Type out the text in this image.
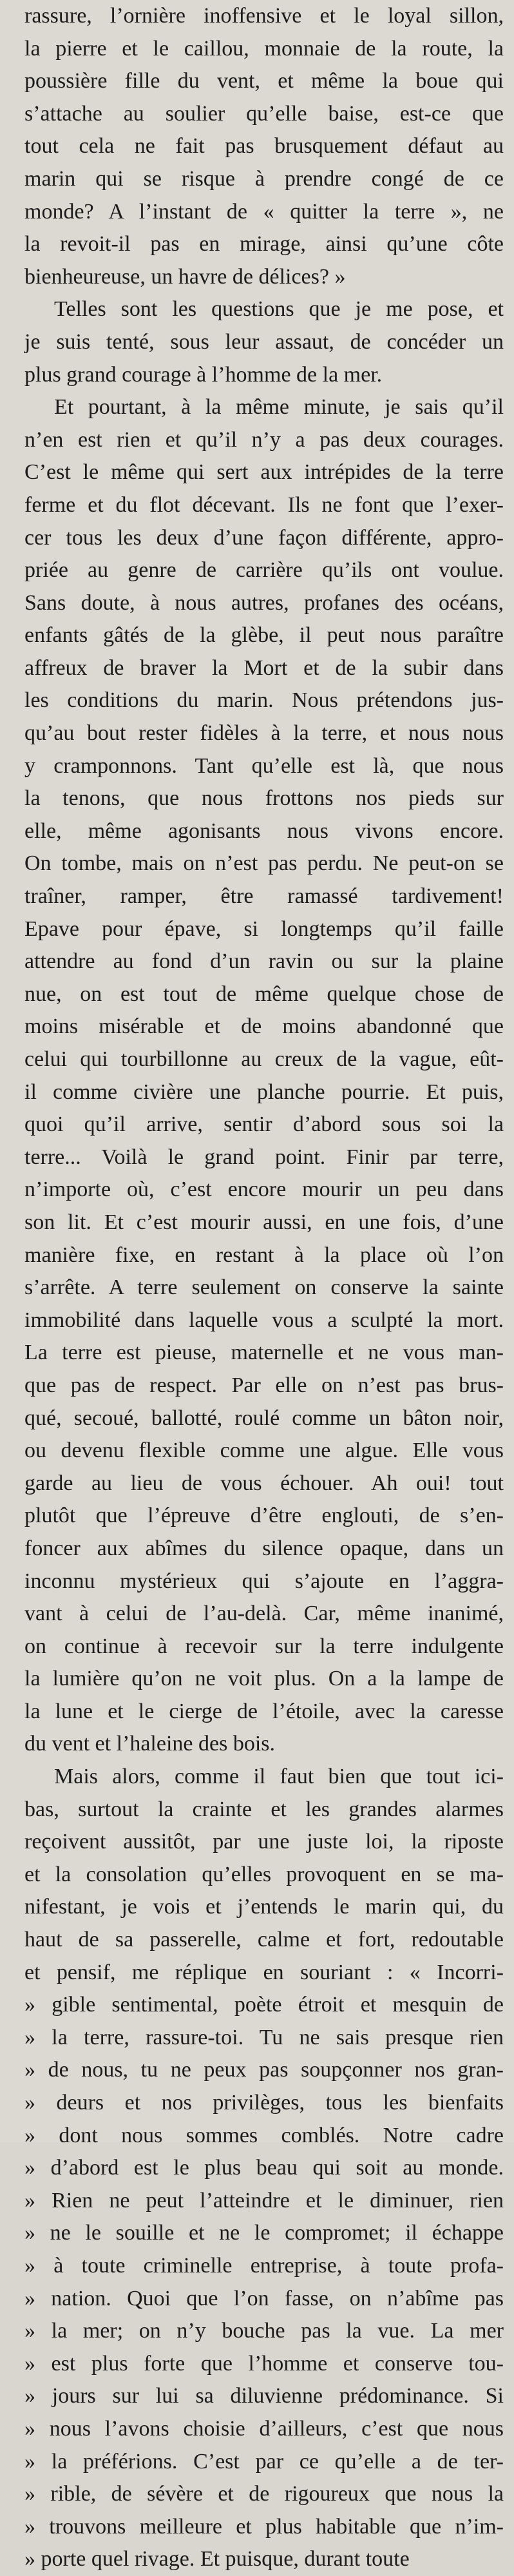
rassure, l’ornière inoffensive et le loyal sillon,
la pierre et le caillou, monnaie de la route, la
poussière fille du vent, et même la boue qui
s’attache au soulier qu’elle baise, est-ce que
tout cela ne fait pas brusquement défaut au
marin qui se risque à prendre congé de ce
monde? A l’instant de « quitter la terre », ne
la revoit-il pas en mirage, ainsi qu’une côte
bienheureuse, un havre de délices? »
Telles sont les questions que je me pose, et
je suis tenté, sous leur assaut, de concéder un
plus grand courage à l’homme de la mer.
Et pourtant, à la même minute, je sais qu’il
n’en est rien et qu’il n’y a pas deux courages.
C’est le même qui sert aux intrépides de la terre
ferme et du flot décevant. Ils ne font que l’exer-
cer tous les deux d’une façon différente, appro-
priée au genre de carrière qu’ils ont voulue.
Sans doute, à nous autres, profanes des océans,
enfants gâtés de la glèbe, il peut nous paraître
affreux de braver la Mort et de la subir dans
les conditions du marin. Nous prétendons jus-
qu’au bout rester fidèles à la terre, et nous nous
y cramponnons. Tant qu’elle est là, que nous
la tenons, que nous frottons nos pieds sur
elle, même agonisants nous vivons encore.
On tombe, mais on n’est pas perdu. Ne peut-on se
traîner, ramper, être ramassé tardivement!
Epave pour épave, si longtemps qu’il faille
attendre au fond d’un ravin ou sur la plaine
nue, on est tout de même quelque chose de
moins misérable et de moins abandonné que
celui qui tourbillonne au creux de la vague, eût-
il comme civière une planche pourrie. Et puis,
quoi qu’il arrive, sentir d’abord sous soi la
terre... Voilà le grand point. Finir par terre,
n’importe où, c’est encore mourir un peu dans
son lit. Et c’est mourir aussi, en une fois, d’une
manière fixe, en restant à la place où l’on
s’arrête. A terre seulement on conserve la sainte
immobilité dans laquelle vous a sculpté la mort.
La terre est pieuse, maternelle et ne vous man-
que pas de respect. Par elle on n’est pas brus-
qué, secoué, ballotté, roulé comme un bâton noir,
ou devenu flexible comme une algue. Elle vous
garde au lieu de vous échouer. Ah oui! tout
plutôt que l’épreuve d’être englouti, de s’en-
foncer aux abîmes du silence opaque, dans un
inconnu mystérieux qui s’ajoute en l’aggra-
vant à celui de l’au-delà. Car, même inanimé,
on continue à recevoir sur la terre indulgente
la lumière qu’on ne voit plus. On a la lampe de
la lune et le cierge de l’étoile, avec la caresse
du vent et l’haleine des bois.
Mais alors, comme il faut bien que tout ici-
bas, surtout la crainte et les grandes alarmes
reçoivent aussitôt, par une juste loi, la riposte
et la consolation qu’elles provoquent en se ma-
nifestant, je vois et j’entends le marin qui, du
haut de sa passerelle, calme et fort, redoutable
et pensif, me réplique en souriant : « Incorri-
» gible sentimental, poète étroit et mesquin de
» la terre, rassure-toi. Tu ne sais presque rien
» de nous, tu ne peux pas soupçonner nos gran-
» deurs et nos privilèges, tous les bienfaits
» dont nous sommes comblés. Notre cadre
» d’abord est le plus beau qui soit au monde.
» Rien ne peut l’atteindre et le diminuer, rien
» ne le souille et ne le compromet; il échappe
» à toute criminelle entreprise, à toute profa-
» nation. Quoi que l’on fasse, on n’abîme pas
» la mer; on n’y bouche pas la vue. La mer
» est plus forte que l’homme et conserve tou-
» jours sur lui sa diluvienne prédominance. Si
» nous l’avons choisie d’ailleurs, c’est que nous
» la préférions. C’est par ce qu’elle a de ter-
» rible, de sévère et de rigoureux que nous la
» trouvons meilleure et plus habitable que n’im-
» porte quel rivage. Et puisque, durant toute
